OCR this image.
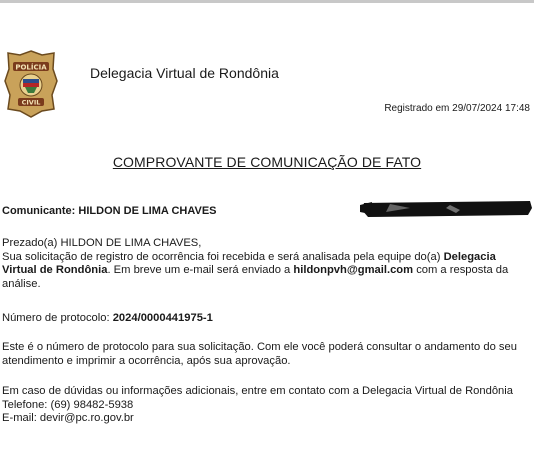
POLÍCIA
CIVIL
Delegacia Virtual de Rondônia
Registrado em 29/07/2024 17:48
COMPROVANTE DE COMUNICAÇÃO DE FATO
Comunicante: HILDON DE LIMA CHAVES
Prezado(a) HILDON DE LIMA CHAVES,
Sua solicitação de registro de ocorrência foi recebida e será analisada pela equipe do(a) Delegacia Virtual de Rondônia. Em breve um e-mail será enviado a hildonpvh@gmail.com com a resposta da análise.
Número de protocolo: 2024/0000441975-1
Este é o número de protocolo para sua solicitação. Com ele você poderá consultar o andamento do seu atendimento e imprimir a ocorrência, após sua aprovação.
Em caso de dúvidas ou informações adicionais, entre em contato com a Delegacia Virtual de Rondônia
Telefone: (69) 98482-5938
E-mail: devir@pc.ro.gov.br
